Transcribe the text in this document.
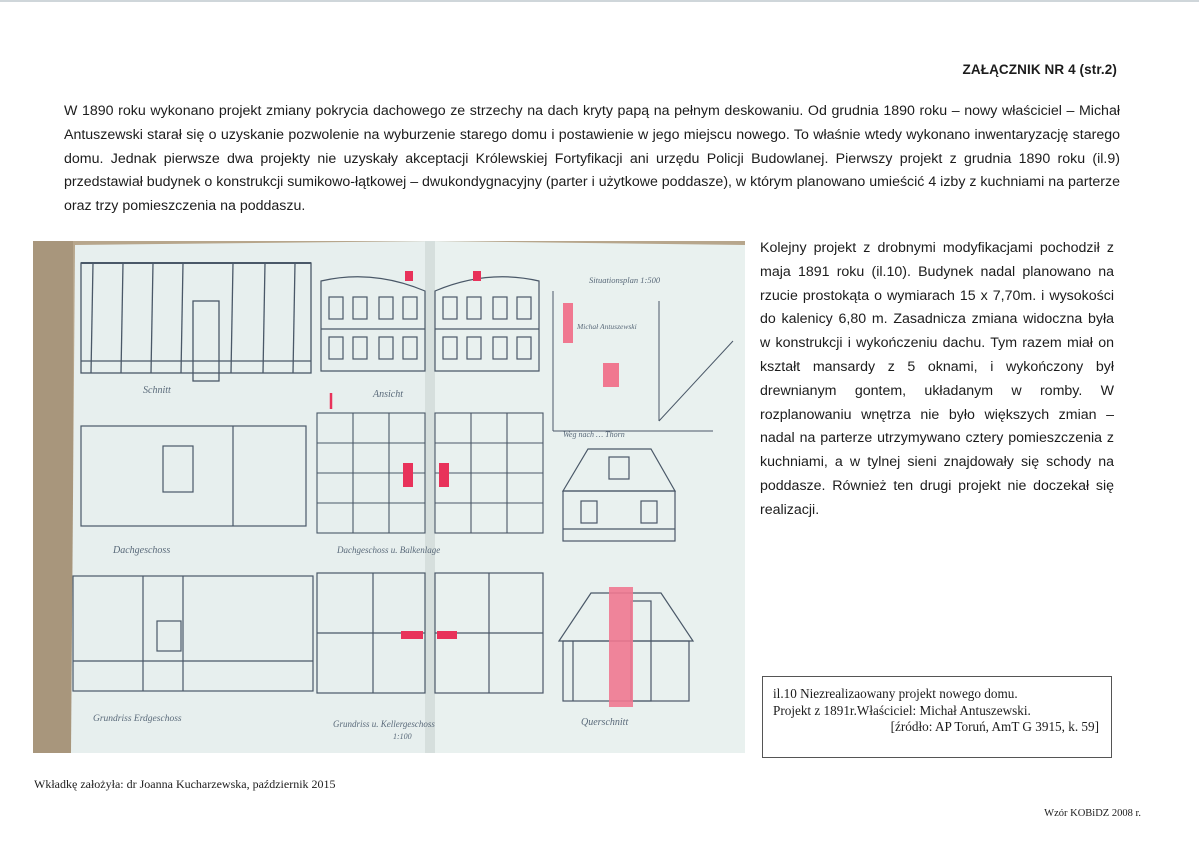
ZAŁĄCZNIK NR 4 (str.2)

W 1890 roku wykonano projekt zmiany pokrycia dachowego ze strzechy na dach kryty papą na pełnym deskowaniu. Od grudnia 1890 roku – nowy właściciel – Michał Antuszewski starał się o uzyskanie pozwolenie na wyburzenie starego domu i postawienie w jego miejscu nowego. To właśnie wtedy wykonano inwentaryzację starego domu. Jednak pierwsze dwa projekty nie uzyskały akceptacji Królewskiej Fortyfikacji ani urzędu Policji Budowlanej. Pierwszy projekt z grudnia 1890 roku (il.9) przedstawiał budynek o konstrukcji sumikowo-łątkowej – dwukondygnacyjny (parter i użytkowe poddasze), w którym planowano umieścić 4 izby z kuchniami na parterze oraz trzy pomieszczenia na poddaszu.

Schnitt	Ansicht
Situationsplan 1:500
Michał Antuszewski
Weg nach … Thorn
Dachgeschoss	Dachgeschoss u. Balkenlage
Grundriss Erdgeschoss	Grundriss u. Kellergeschoss
1:100
Querschnitt

Kolejny projekt z drobnymi modyfikacjami pochodził z maja 1891 roku (il.10). Budynek nadal planowano na rzucie prostokąta o wymiarach 15 x 7,70m. i wysokości do kalenicy 6,80 m. Zasadnicza zmiana widoczna była w konstrukcji i wykończeniu dachu. Tym razem miał on kształt mansardy z 5 oknami, i wykończony był drewnianym gontem, układanym w romby. W rozplanowaniu wnętrza nie było większych zmian – nadal na parterze utrzymywano cztery pomieszczenia z kuchniami, a w tylnej sieni znajdowały się schody na poddasze. Również ten drugi projekt nie doczekał się realizacji.

il.10 Niezrealizaowany projekt nowego domu.
Projekt z 1891r.Właściciel: Michał Antuszewski.
[źródło: AP Toruń, AmT G 3915, k. 59]
Wkładkę założyła: dr Joanna Kucharzewska, październik 2015
Wzór KOBiDZ 2008 r.
